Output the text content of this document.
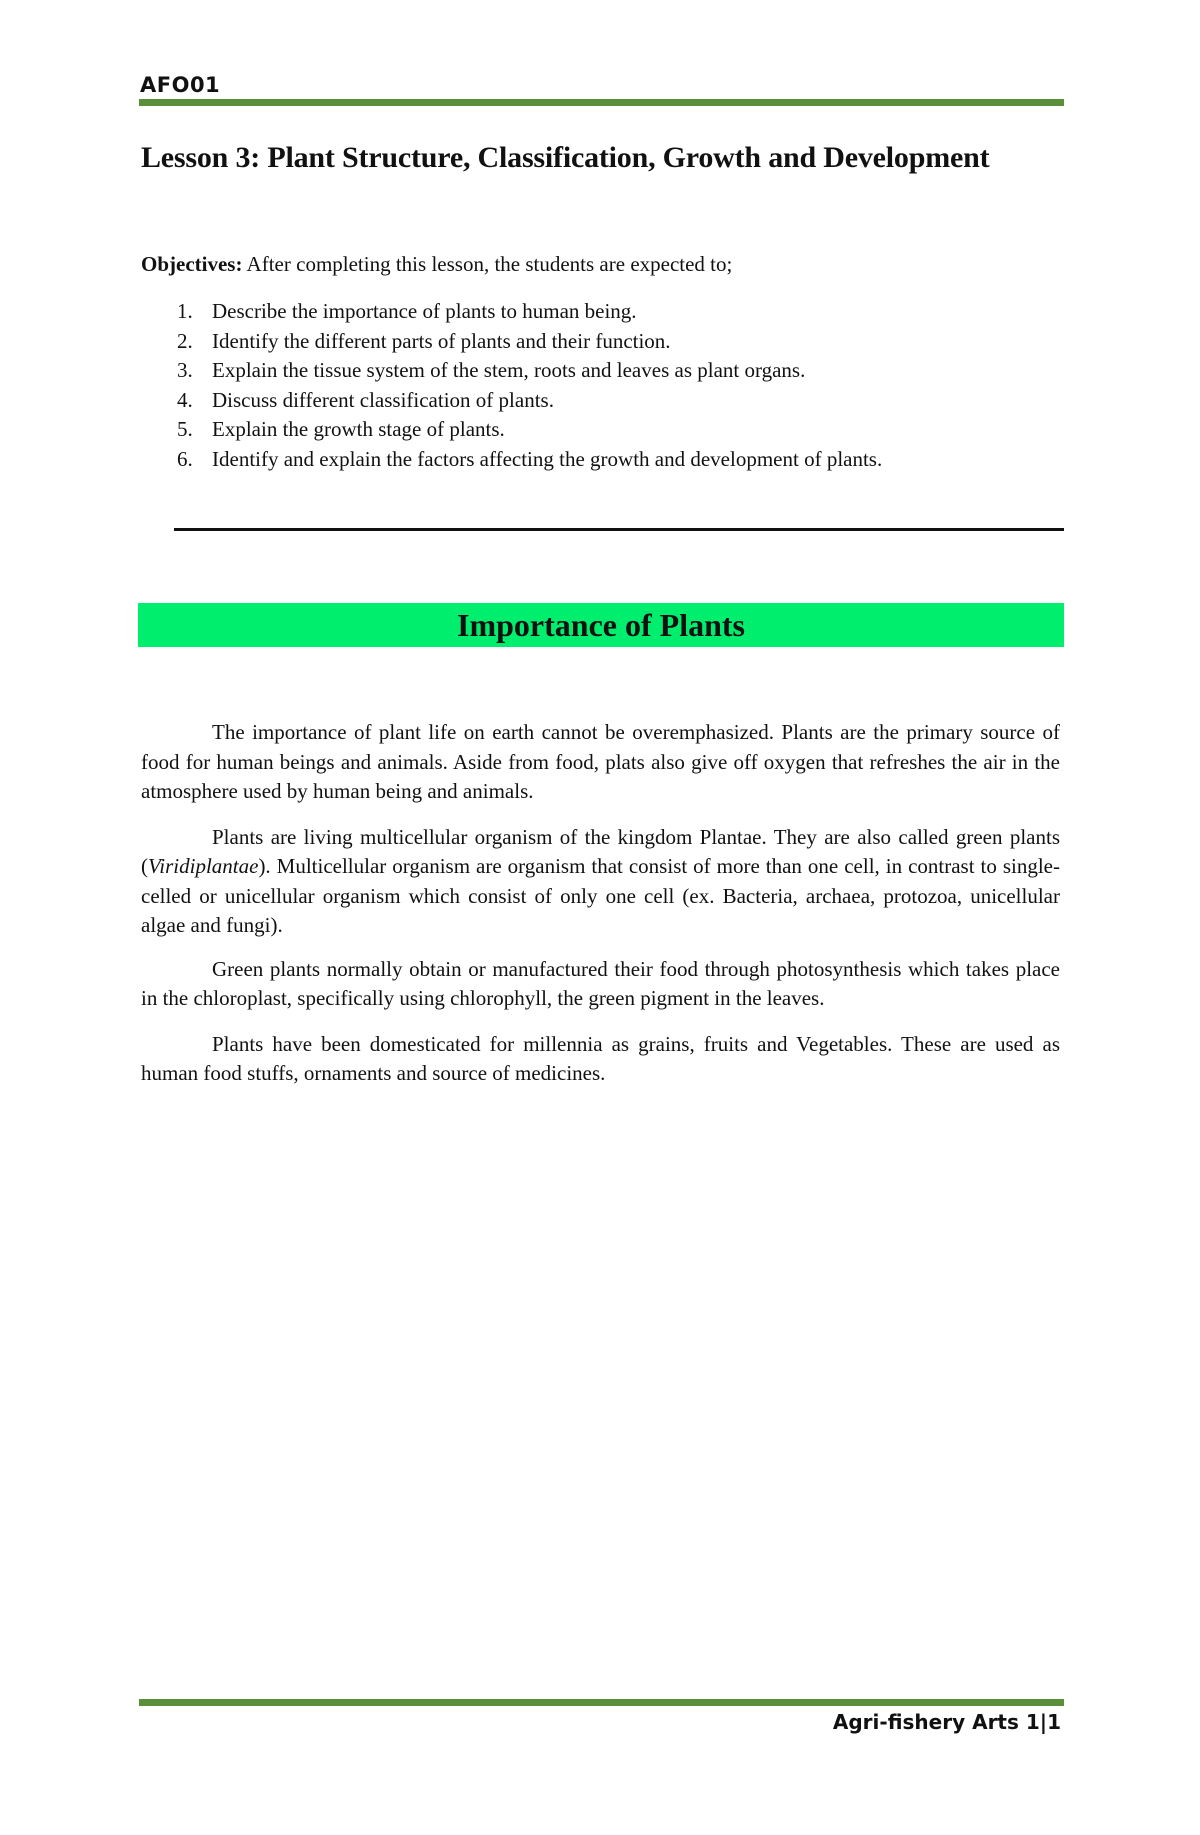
AFO01
Lesson 3: Plant Structure, Classification, Growth and Development
Objectives: After completing this lesson, the students are expected to;
1. Describe the importance of plants to human being.
2. Identify the different parts of plants and their function.
3. Explain the tissue system of the stem, roots and leaves as plant organs.
4. Discuss different classification of plants.
5. Explain the growth stage of plants.
6. Identify and explain the factors affecting the growth and development of plants.
Importance of Plants

The importance of plant life on earth cannot be overemphasized. Plants are the primary source of food for human beings and animals. Aside from food, plats also give off oxygen that refreshes the air in the atmosphere used by human being and animals.

Plants are living multicellular organism of the kingdom Plantae. They are also called green plants (Viridiplantae). Multicellular organism are organism that consist of more than one cell, in contrast to single-celled or unicellular organism which consist of only one cell (ex. Bacteria, archaea, protozoa, unicellular algae and fungi).

Green plants normally obtain or manufactured their food through photosynthesis which takes place in the chloroplast, specifically using chlorophyll, the green pigment in the leaves.

Plants have been domesticated for millennia as grains, fruits and Vegetables. These are used as human food stuffs, ornaments and source of medicines.

Agri-fishery Arts 1|1
